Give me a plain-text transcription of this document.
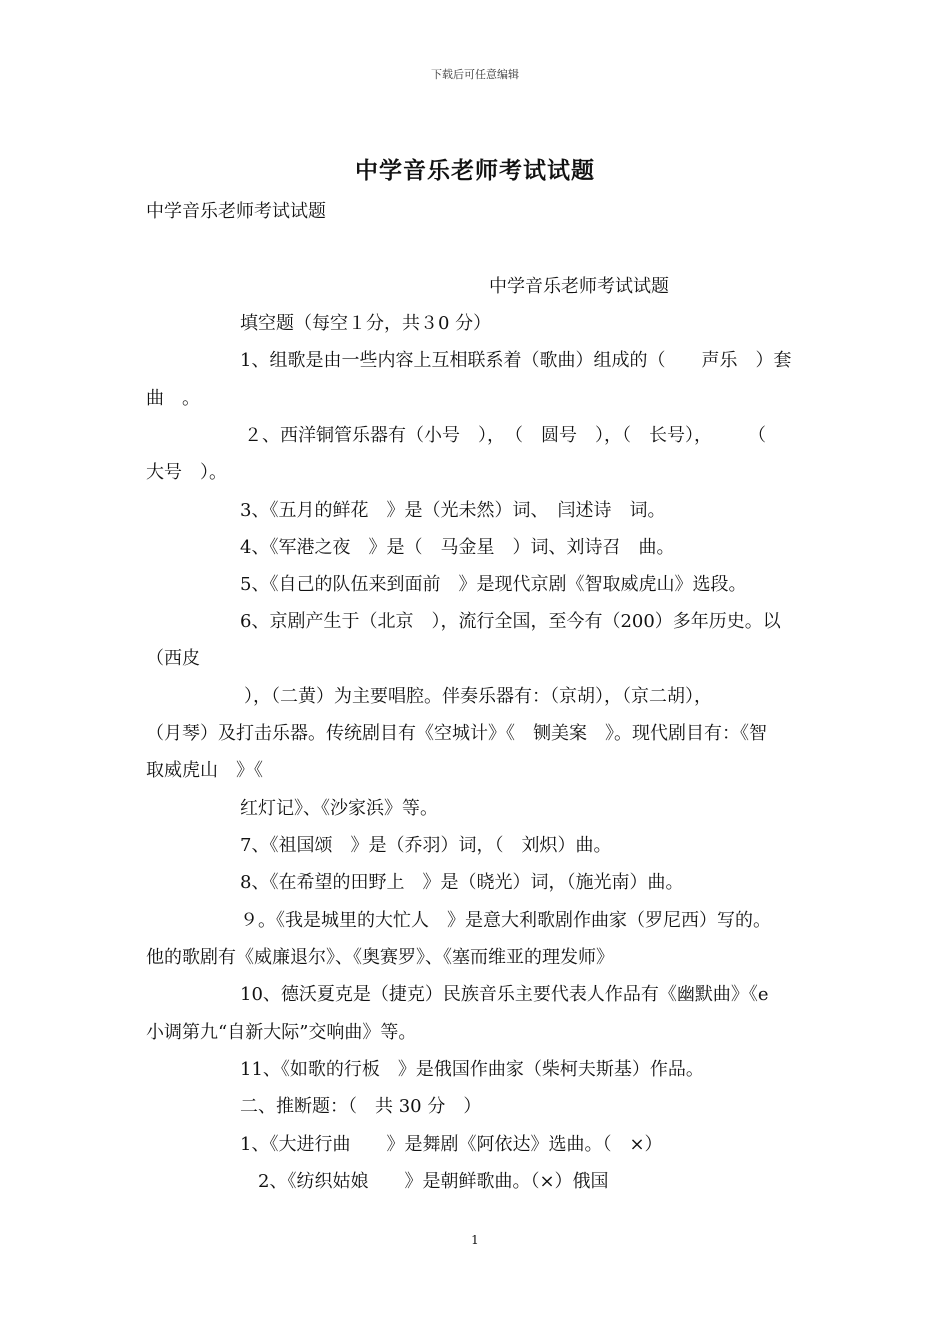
下载后可任意编辑
中学音乐老师考试试题
中学音乐老师考试试题
中学音乐老师考试试题
填空题（每空１分，共３0 分）
1、组歌是由一些内容上互相联系着（歌曲）组成的（　　声乐　）套
曲　。
２、西洋铜管乐器有（小号　），　（　圆号　），（　长号），　　　（
大号　）。
3、《五月的鲜花　》是（光未然）词、　闫述诗　词。
4、《军港之夜　》是（　马金星　）词、刘诗召　曲。
5、《自己的队伍来到面前　》是现代京剧《智取威虎山》选段。
6、京剧产生于（北京　），流行全国，至今有（200）多年历史。以
（西皮
），（二黄）为主要唱腔。伴奏乐器有：（京胡），（京二胡），
（月琴）及打击乐器。传统剧目有《空城计》《　铡美案　》。现代剧目有：《智
取威虎山　》《
红灯记》、《沙家浜》等。
7、《祖国颂　》是（乔羽）词，（　刘炽）曲。
8、《在希望的田野上　》是（晓光）词，（施光南）曲。
９。《我是城里的大忙人　》是意大利歌剧作曲家（罗尼西）写的。
他的歌剧有《威廉退尔》、《奥赛罗》、《塞而维亚的理发师》
10、德沃夏克是（捷克）民族音乐主要代表人作品有《幽默曲》《e
小调第九“自新大际”交响曲》等。
11、《如歌的行板　》是俄国作曲家（柴柯夫斯基）作品。
二、推断题：（　共 30 分　）
1、《大进行曲　　》是舞剧《阿依达》选曲。（　×）
2、《纺织姑娘　　》是朝鲜歌曲。（×）俄国
1
